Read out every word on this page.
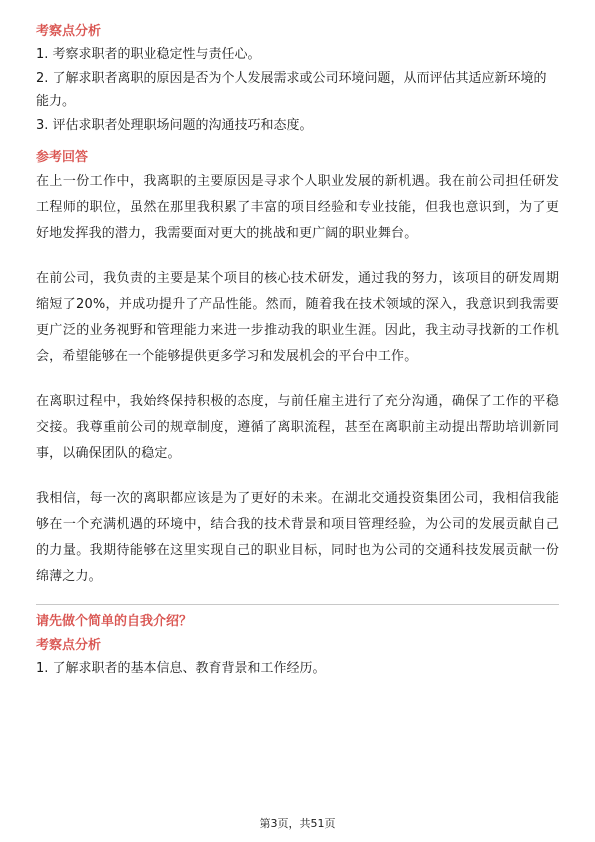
考察点分析

1. 考察求职者的职业稳定性与责任心。

2. 了解求职者离职的原因是否为个人发展需求或公司环境问题，从而评估其适应新环境的能力。

3. 评估求职者处理职场问题的沟通技巧和态度。

参考回答

在上一份工作中，我离职的主要原因是寻求个人职业发展的新机遇。我在前公司担任研发工程师的职位，虽然在那里我积累了丰富的项目经验和专业技能，但我也意识到，为了更好地发挥我的潜力，我需要面对更大的挑战和更广阔的职业舞台。

在前公司，我负责的主要是某个项目的核心技术研发，通过我的努力，该项目的研发周期缩短了20%，并成功提升了产品性能。然而，随着我在技术领域的深入，我意识到我需要更广泛的业务视野和管理能力来进一步推动我的职业生涯。因此，我主动寻找新的工作机会，希望能够在一个能够提供更多学习和发展机会的平台中工作。

在离职过程中，我始终保持积极的态度，与前任雇主进行了充分沟通，确保了工作的平稳交接。我尊重前公司的规章制度，遵循了离职流程，甚至在离职前主动提出帮助培训新同事，以确保团队的稳定。

我相信，每一次的离职都应该是为了更好的未来。在湖北交通投资集团公司，我相信我能够在一个充满机遇的环境中，结合我的技术背景和项目管理经验，为公司的发展贡献自己的力量。我期待能够在这里实现自己的职业目标，同时也为公司的交通科技发展贡献一份绵薄之力。

请先做个简单的自我介绍？

考察点分析

1. 了解求职者的基本信息、教育背景和工作经历。

第3页，共51页
